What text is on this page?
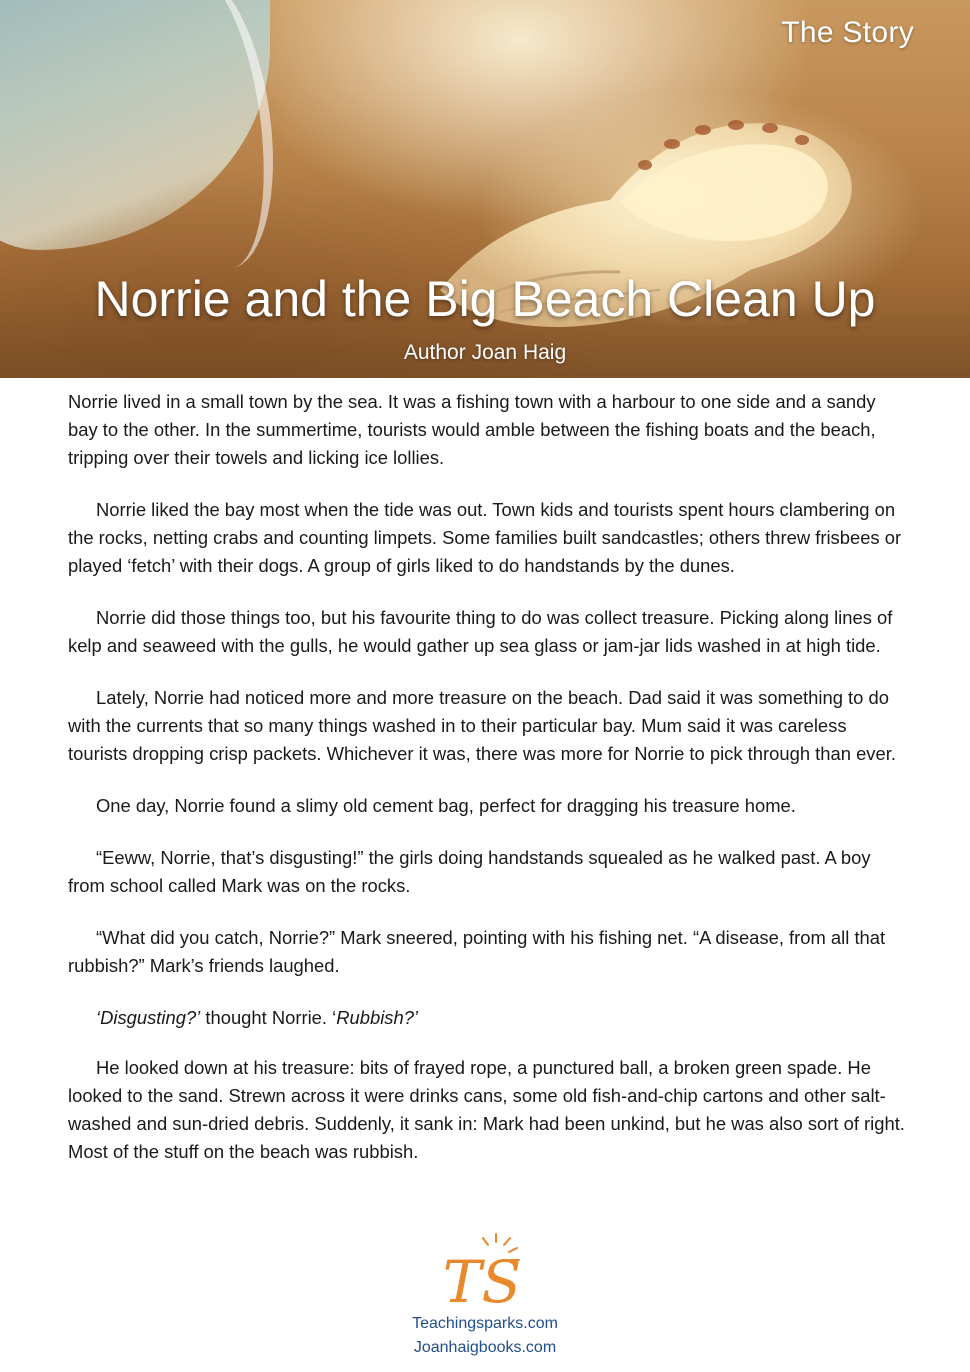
The Story
Norrie and the Big Beach Clean Up
Author Joan Haig

Norrie lived in a small town by the sea. It was a fishing town with a harbour to one side and a sandy bay to the other. In the summertime, tourists would amble between the fishing boats and the beach, tripping over their towels and licking ice lollies.

Norrie liked the bay most when the tide was out. Town kids and tourists spent hours clambering on the rocks, netting crabs and counting limpets. Some families built sandcastles; others threw frisbees or played ‘fetch’ with their dogs. A group of girls liked to do handstands by the dunes.

Norrie did those things too, but his favourite thing to do was collect treasure. Picking along lines of kelp and seaweed with the gulls, he would gather up sea glass or jam-jar lids washed in at high tide.

Lately, Norrie had noticed more and more treasure on the beach. Dad said it was something to do with the currents that so many things washed in to their particular bay. Mum said it was careless tourists dropping crisp packets. Whichever it was, there was more for Norrie to pick through than ever.

One day, Norrie found a slimy old cement bag, perfect for dragging his treasure home.

“Eeww, Norrie, that’s disgusting!” the girls doing handstands squealed as he walked past. A boy from school called Mark was on the rocks.

“What did you catch, Norrie?” Mark sneered, pointing with his fishing net. “A disease, from all that rubbish?” Mark’s friends laughed.

‘Disgusting?’ thought Norrie. ‘Rubbish?’

He looked down at his treasure: bits of frayed rope, a punctured ball, a broken green spade. He looked to the sand. Strewn across it were drinks cans, some old fish-and-chip cartons and other salt-washed and sun-dried debris. Suddenly, it sank in: Mark had been unkind, but he was also sort of right. Most of the stuff on the beach was rubbish.

TS
Teachingsparks.com
Joanhaigbooks.com
